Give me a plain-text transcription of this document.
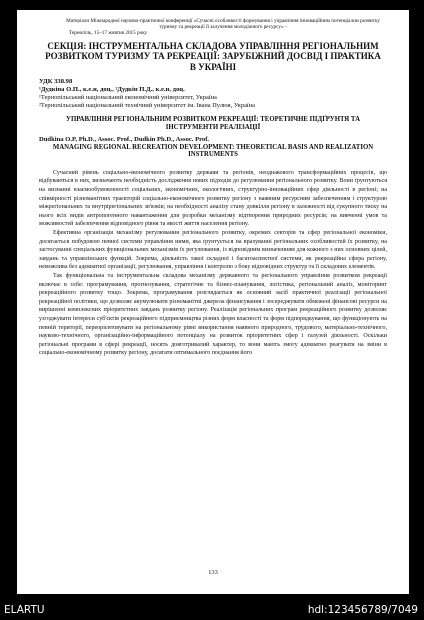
Матеріали Міжнародної науково-практичної конференції «Сучасні особливості формування і управління інноваційним потенціалом розвитку туризму та рекреації й залучення молодіжного ресурсу» -

Тернопіль, 15–17 жовтня 2015 року

СЕКЦІЯ: ІНСТРУМЕНТАЛЬНА СКЛАДОВА УПРАВЛІННЯ РЕГІОНАЛЬНИМ РОЗВИТКОМ ТУРИЗМУ ТА РЕКРЕАЦІЇ: ЗАРУБІЖНИЙ ДОСВІД І ПРАКТИКА В УКРАЇНІ

УДК 338.98

¹Дудкіна О.П., к.е.н, доц., ²Дудкін П.Д., к.е.н, доц.

¹Тернопільський національний економічний університет, Україна

²Тернопільський національний технічний університет ім. Івана Пулюя, Україна

УПРАВЛІННЯ РЕГІОНАЛЬНИМ РОЗВИТКОМ РЕКРЕАЦІЇ: ТЕОРЕТИЧНЕ ПІДҐРУНТЯ ТА ІНСТРУМЕНТИ РЕАЛІЗАЦІЇ

Dudkina O.P, Ph.D., Assoc. Prof., Dudkin Ph.D., Assoc. Prof.

MANAGING REGIONAL RECREATION DEVELOPMENT: THEORETICAL BASIS AND REALIZATION INSTRUMENTS

Сучасний рівень соціально-економічного розвитку держави та регіонів, неоднакового трансформаційних процесів, що відбуваються в них, визначають необхідність дослідження нових підходів до регулювання регіонального розвитку. Вони ґрунтуються на визнанні взаємообумовленості соціальних, економічних, екологічних, структурно-інноваційних сфер діяльності в регіоні; на співмірності різноманітних траєкторій соціально-економічного розвитку регіону з наявним ресурсним забезпеченням і структурою міжрегіональних та внутрірегіональних зв'язків; на необхідності аналізу стану довкілля регіону в залежності від сукупного тиску на нього всіх видів антропогенного навантаження для розробки механізму відтворення природних ресурсів; на вивченні умов та можливостей забезпечення відповідного рівня та якості життя населення регіону.

Ефективна організація механізму регулювання регіонального розвитку, окремих секторів та сфер регіональної економіки, досягається побудовою певної системи управління ними, яка ґрунтується на врахуванні регіональних особливостей їх розвитку, на застосуванні спеціальних функціональних механізмів їх регулювання, із відповідним визначенням для кожного з них основних цілей, завдань та управлінських функцій. Зокрема, діяльність такої складної і багатоаспектної системи, як рекреаційна сфера регіону, неможлива без адекватної організації, регулювання, управління і контролю з боку відповідних структур та її складових елементів.

Так функціональна та інструментальна складова механізму державного та регіонального управління розвитком рекреації включає в себе: програмування, прогнозування, стратегічне та бізнес-планування, логістика, регіональний аналіз, моніторинг рекреаційного розвитку тощо. Зокрема, програмування розглядається як основний засіб практичної реалізації регіональної рекреаційної політики, що дозволяє акумулювати різноманітні джерела фінансування і зосереджувати обмежені фінансові ресурси на вирішенні комплексних пріоритетних завдань розвитку регіону. Реалізація регіональних програм рекреаційного розвитку дозволяє узгоджувати інтереси суб'єктів рекреаційного підприємництва різних форм власності та форм підпорядкування, що функціонують на певній території, переорієнтовувати на регіональному рівні використання наявного природного, трудового, матеріально-технічного, науково-технічного, організаційно-інформаційного потенціалу на розвиток пріоритетних сфер і галузей діяльності. Оскільки регіональні програми в сфері рекреації, носять довготривалий характер, то вони мають змогу адекватно реагувати на зміни в соціально-економічному розвитку регіону, досягати оптимального поєднання його

133
ELARTU	hdl:123456789/7049
